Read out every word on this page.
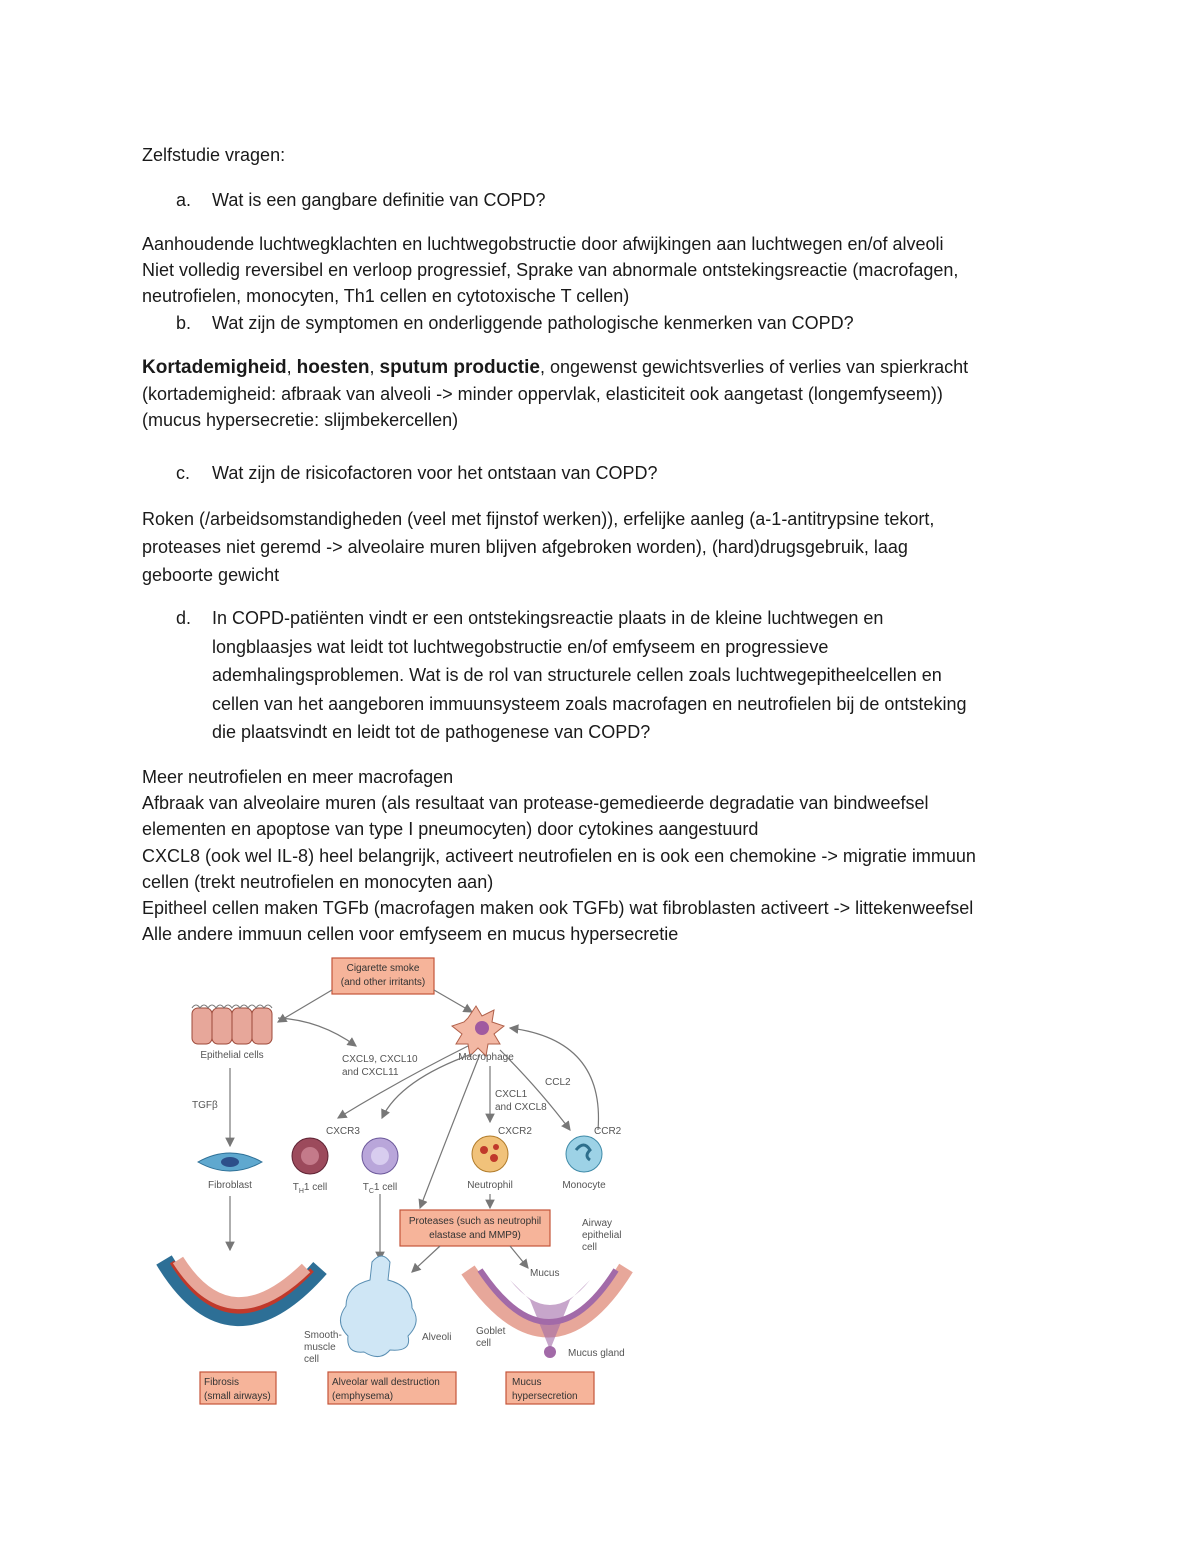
Zelfstudie vragen:
a. Wat is een gangbare definitie van COPD?
Aanhoudende luchtwegklachten en luchtwegobstructie door afwijkingen aan luchtwegen en/of alveoli
Niet volledig reversibel en verloop progressief, Sprake van abnormale ontstekingsreactie (macrofagen,
neutrofielen, monocyten, Th1 cellen en cytotoxische T cellen)
b. Wat zijn de symptomen en onderliggende pathologische kenmerken van COPD?
Kortademigheid, hoesten, sputum productie, ongewenst gewichtsverlies of verlies van spierkracht
(kortademigheid: afbraak van alveoli -> minder oppervlak, elasticiteit ook aangetast (longemfyseem))
(mucus hypersecretie: slijmbekercellen)
c. Wat zijn de risicofactoren voor het ontstaan van COPD?
Roken (/arbeidsomstandigheden (veel met fijnstof werken)), erfelijke aanleg (a-1-antitrypsine tekort,
proteases niet geremd -> alveolaire muren blijven afgebroken worden), (hard)drugsgebruik, laag
geboorte gewicht
d. In COPD-patiënten vindt er een ontstekingsreactie plaats in de kleine luchtwegen en
longblaasjes wat leidt tot luchtwegobstructie en/of emfyseem en progressieve
ademhalingsproblemen. Wat is de rol van structurele cellen zoals luchtwegepitheelcellen en
cellen van het aangeboren immuunsysteem zoals macrofagen en neutrofielen bij de ontsteking
die plaatsvindt en leidt tot de pathogenese van COPD?
Meer neutrofielen en meer macrofagen
Afbraak van alveolaire muren (als resultaat van protease-gemedieerde degradatie van bindweefsel
elementen en apoptose van type I pneumocyten) door cytokines aangestuurd
CXCL8 (ook wel IL-8) heel belangrijk, activeert neutrofielen en is ook een chemokine -> migratie immuun
cellen (trekt neutrofielen en monocyten aan)
Epitheel cellen maken TGFb (macrofagen maken ook TGFb) wat fibroblasten activeert -> littekenweefsel
Alle andere immuun cellen voor emfyseem en mucus hypersecretie
Cigarette smoke
(and other irritants)
Epithelial cells	Macrophage
CXCL9, CXCL10
and CXCL11
TGFβ
Fibroblast
CXCL1
and CXCL8
CCL2
$T_H1$ cell	$T_C1$ cell
CXCR3
Neutrophil
CXCR2
Monocyte
CCR2
Proteases (such as neutrophil
elastase and MMP9)
Smooth-
muscle
cell
Alveoli
Mucus
Airway
epithelial
cell
Goblet
cell
Mucus gland
Fibrosis
(small airways)
Alveolar wall destruction
(emphysema)
Mucus
hypersecretion
